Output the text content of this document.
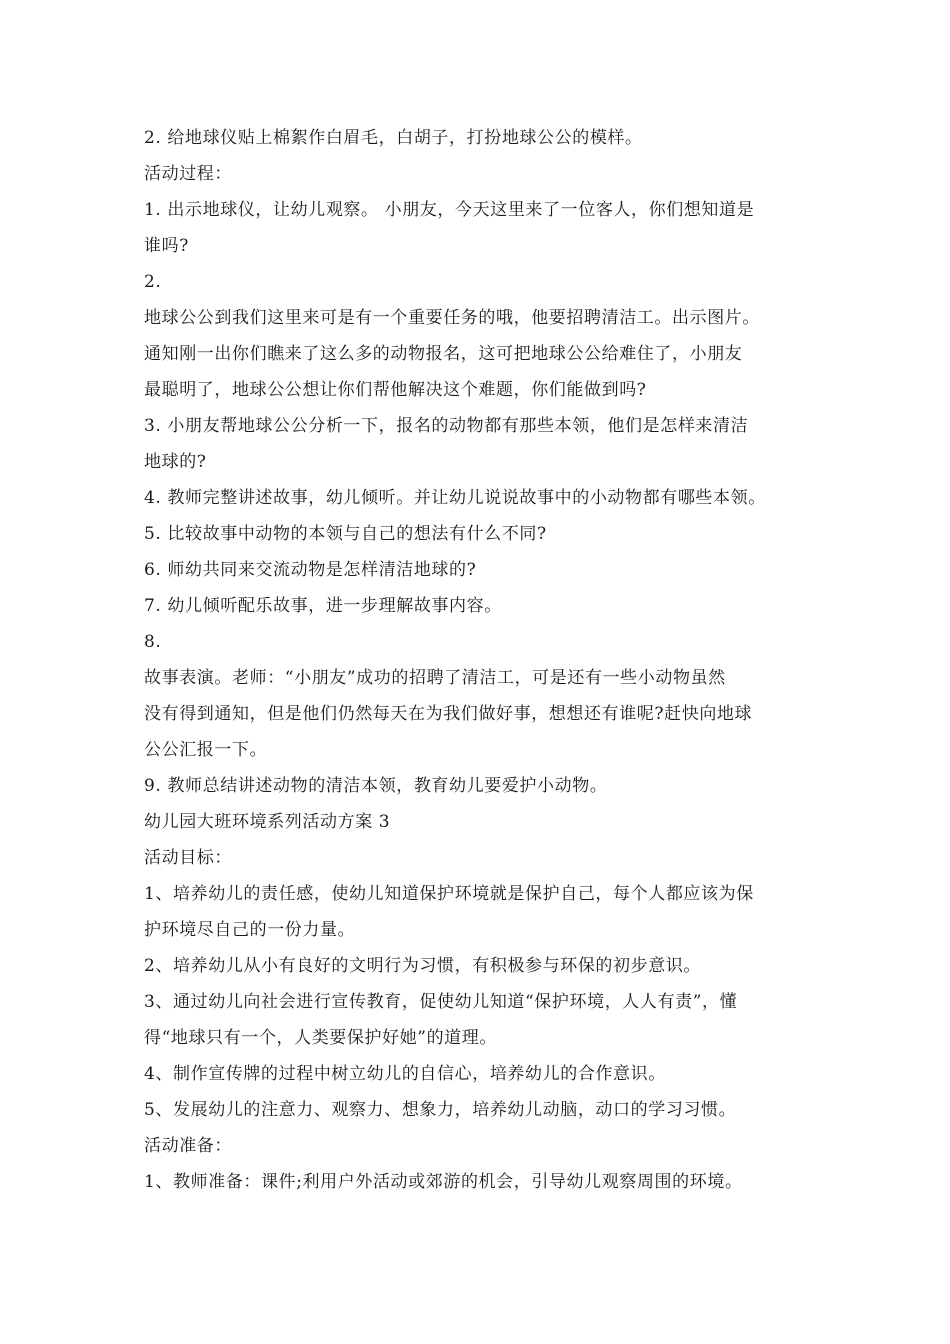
2. 给地球仪贴上棉絮作白眉毛，白胡子，打扮地球公公的模样。
活动过程：
1. 出示地球仪，让幼儿观察。 小朋友，今天这里来了一位客人，你们想知道是
谁吗?
2.
地球公公到我们这里来可是有一个重要任务的哦，他要招聘清洁工。出示图片。
通知刚一出你们瞧来了这么多的动物报名，这可把地球公公给难住了，小朋友
最聪明了，地球公公想让你们帮他解决这个难题，你们能做到吗?
3. 小朋友帮地球公公分析一下，报名的动物都有那些本领，他们是怎样来清洁
地球的?
4. 教师完整讲述故事，幼儿倾听。并让幼儿说说故事中的小动物都有哪些本领。
5. 比较故事中动物的本领与自己的想法有什么不同?
6. 师幼共同来交流动物是怎样清洁地球的?
7. 幼儿倾听配乐故事，进一步理解故事内容。
8.
故事表演。老师：“小朋友”成功的招聘了清洁工，可是还有一些小动物虽然
没有得到通知，但是他们仍然每天在为我们做好事，想想还有谁呢?赶快向地球
公公汇报一下。
9. 教师总结讲述动物的清洁本领，教育幼儿要爱护小动物。
幼儿园大班环境系列活动方案 3
活动目标：
1、培养幼儿的责任感，使幼儿知道保护环境就是保护自己，每个人都应该为保
护环境尽自己的一份力量。
2、培养幼儿从小有良好的文明行为习惯，有积极参与环保的初步意识。
3、通过幼儿向社会进行宣传教育，促使幼儿知道“保护环境，人人有责”，懂
得“地球只有一个，人类要保护好她”的道理。
4、制作宣传牌的过程中树立幼儿的自信心，培养幼儿的合作意识。
5、发展幼儿的注意力、观察力、想象力，培养幼儿动脑，动口的学习习惯。
活动准备：
1、教师准备：课件;利用户外活动或郊游的机会，引导幼儿观察周围的环境。
